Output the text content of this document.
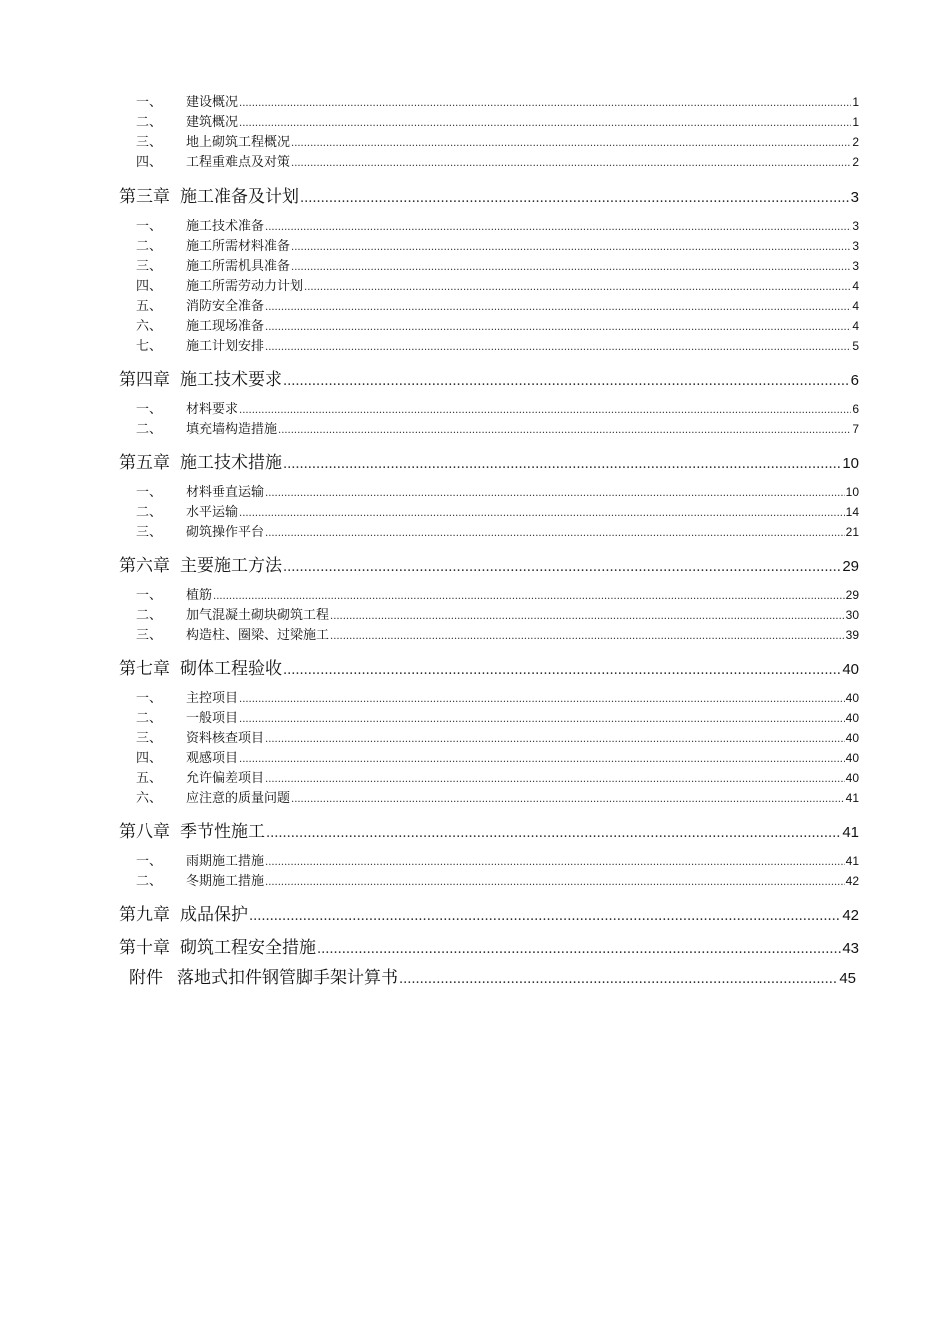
一、	建设概况 .....	1
二、	建筑概况 .....	1
三、	地上砌筑工程概况 .....	2
四、	工程重难点及对策 .....	2
第三章 施工准备及计划 .....	3
一、	施工技术准备 .....	3
二、	施工所需材料准备 .....	3
三、	施工所需机具准备 .....	3
四、	施工所需劳动力计划 .....	4
五、	消防安全准备 .....	4
六、	施工现场准备 .....	4
七、	施工计划安排 .....	5
第四章 施工技术要求 .....	6
一、	材料要求 .....	6
二、	填充墙构造措施 .....	7
第五章 施工技术措施 .....	10
一、	材料垂直运输 .....	10
二、	水平运输 .....	14
三、	砌筑操作平台 .....	21
第六章 主要施工方法 .....	29
一、	植筋 .....	29
二、	加气混凝土砌块砌筑工程 .....	30
三、	构造柱、圈梁、过梁施工 .....	39
第七章 砌体工程验收 .....	40
一、	主控项目 .....	40
二、	一般项目 .....	40
三、	资料核查项目 .....	40
四、	观感项目 .....	40
五、	允许偏差项目 .....	40
六、	应注意的质量问题 .....	41
第八章 季节性施工 .....	41
一、	雨期施工措施 .....	41
二、	冬期施工措施 .....	42
第九章 成品保护 .....	42
第十章 砌筑工程安全措施 .....	43
附件 落地式扣件钢管脚手架计算书 .....	45
